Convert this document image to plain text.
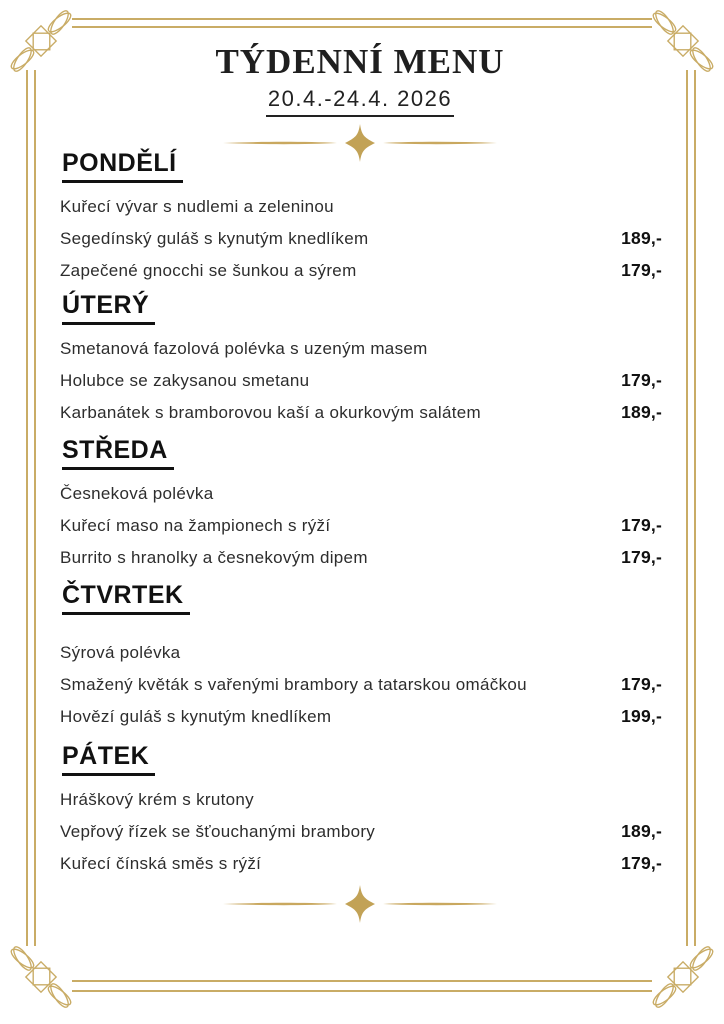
TÝDENNÍ MENU
20.4.-24.4. 2026
PONDĚLÍ
Kuřecí vývar s nudlemi a zeleninou
Segedínský guláš s kynutým knedlíkem	189,-
Zapečené gnocchi se šunkou a sýrem	179,-
ÚTERÝ
Smetanová fazolová polévka s uzeným masem
Holubce se zakysanou smetanu	179,-
Karbanátek s bramborovou kaší a okurkovým salátem	189,-
STŘEDA
Česneková polévka
Kuřecí maso na žampionech s rýží	179,-
Burrito s hranolky a česnekovým dipem	179,-
ČTVRTEK
Sýrová polévka
Smažený květák s vařenými brambory a tatarskou omáčkou	179,-
Hovězí guláš s kynutým knedlíkem	199,-
PÁTEK
Hráškový krém s krutony
Vepřový řízek se šťouchanými brambory	189,-
Kuřecí čínská směs s rýží	179,-
